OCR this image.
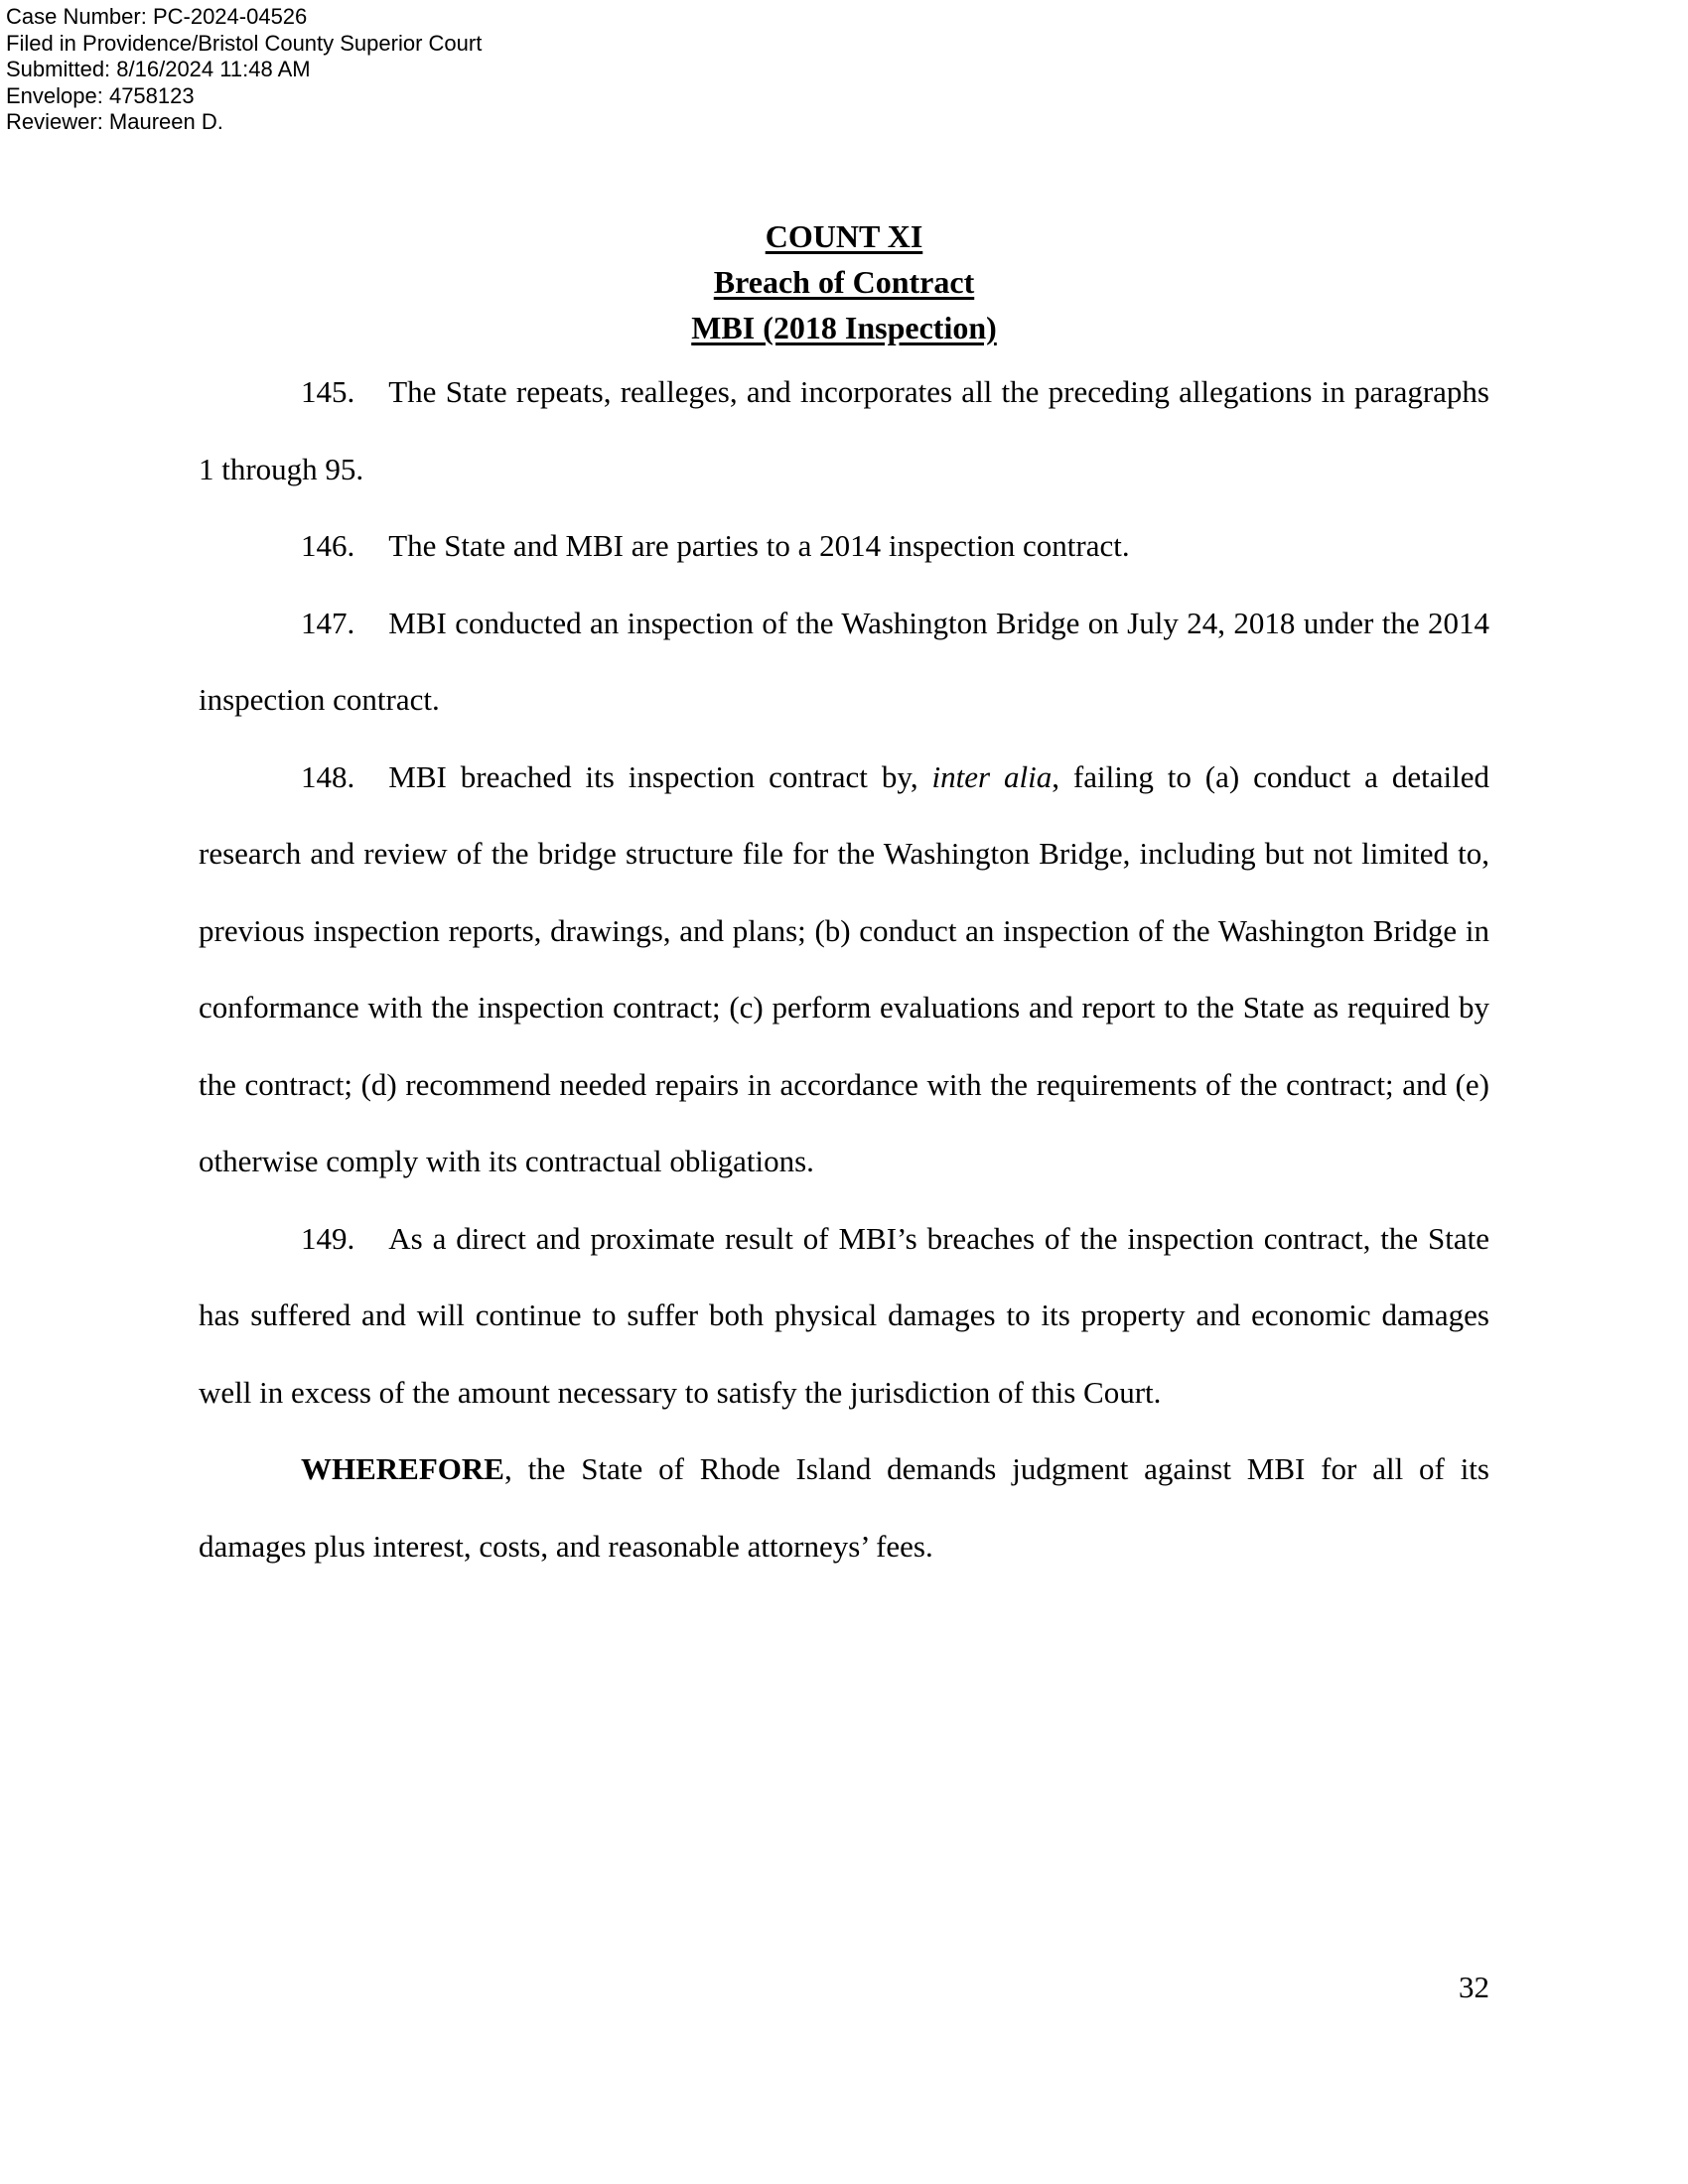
Case Number: PC-2024-04526
Filed in Providence/Bristol County Superior Court
Submitted: 8/16/2024 11:48 AM
Envelope: 4758123
Reviewer: Maureen D.
COUNT XI
Breach of Contract
MBI (2018 Inspection)

145. The State repeats, realleges, and incorporates all the preceding allegations in paragraphs 1 through 95.

146. The State and MBI are parties to a 2014 inspection contract.

147. MBI conducted an inspection of the Washington Bridge on July 24, 2018 under the 2014 inspection contract.

148. MBI breached its inspection contract by, inter alia, failing to (a) conduct a detailed research and review of the bridge structure file for the Washington Bridge, including but not limited to, previous inspection reports, drawings, and plans; (b) conduct an inspection of the Washington Bridge in conformance with the inspection contract; (c) perform evaluations and report to the State as required by the contract; (d) recommend needed repairs in accordance with the requirements of the contract; and (e) otherwise comply with its contractual obligations.

149. As a direct and proximate result of MBI’s breaches of the inspection contract, the State has suffered and will continue to suffer both physical damages to its property and economic damages well in excess of the amount necessary to satisfy the jurisdiction of this Court.

WHEREFORE, the State of Rhode Island demands judgment against MBI for all of its damages plus interest, costs, and reasonable attorneys’ fees.

32
